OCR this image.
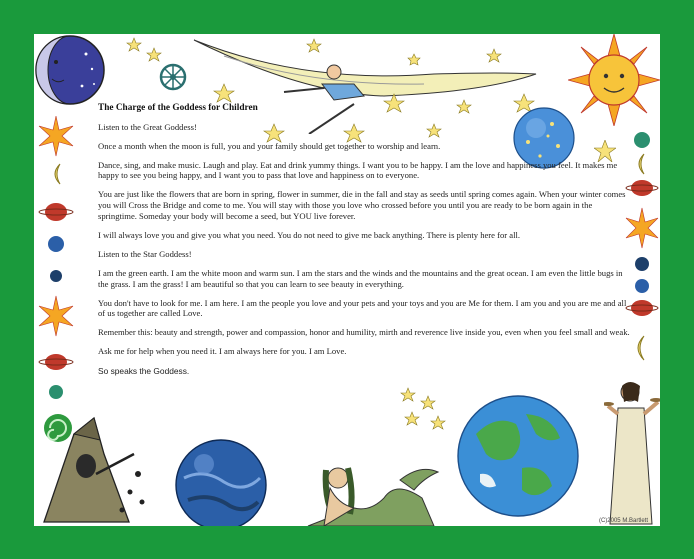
The Charge of the Goddess for Children

Listen to the Great Goddess!

Once a month when the moon is full, you and your family should get together to worship and learn.

Dance, sing, and make music. Laugh and play. Eat and drink yummy things. I want you to be happy. I am the love and happiness you feel. It makes me happy to see you being happy, and I want you to pass that love and happiness on to everyone.

You are just like the flowers that are born in spring, flower in summer, die in the fall and stay as seeds until spring comes again. When your winter comes you will Cross the Bridge and come to me. You will stay with those you love who crossed before you until you are ready to be born again in the springtime. Someday your body will become a seed, but YOU live forever.

I will always love you and give you what you need. You do not need to give me back anything. There is plenty here for all.

Listen to the Star Goddess!

I am the green earth. I am the white moon and warm sun. I am the stars and the winds and the mountains and the great ocean. I am even the little bugs in the grass. I am the grass! I am beautiful so that you can learn to see beauty in everything.

You don't have to look for me. I am here. I am the people you love and your pets and your toys and you are Me for them. I am you and you are me and all of us together are called Love.

Remember this: beauty and strength, power and compassion, honor and humility, mirth and reverence live inside you, even when you feel small and weak.

Ask me for help when you need it. I am always here for you. I am Love.

So speaks the Goddess.

(C)2005 M.Bartlett
